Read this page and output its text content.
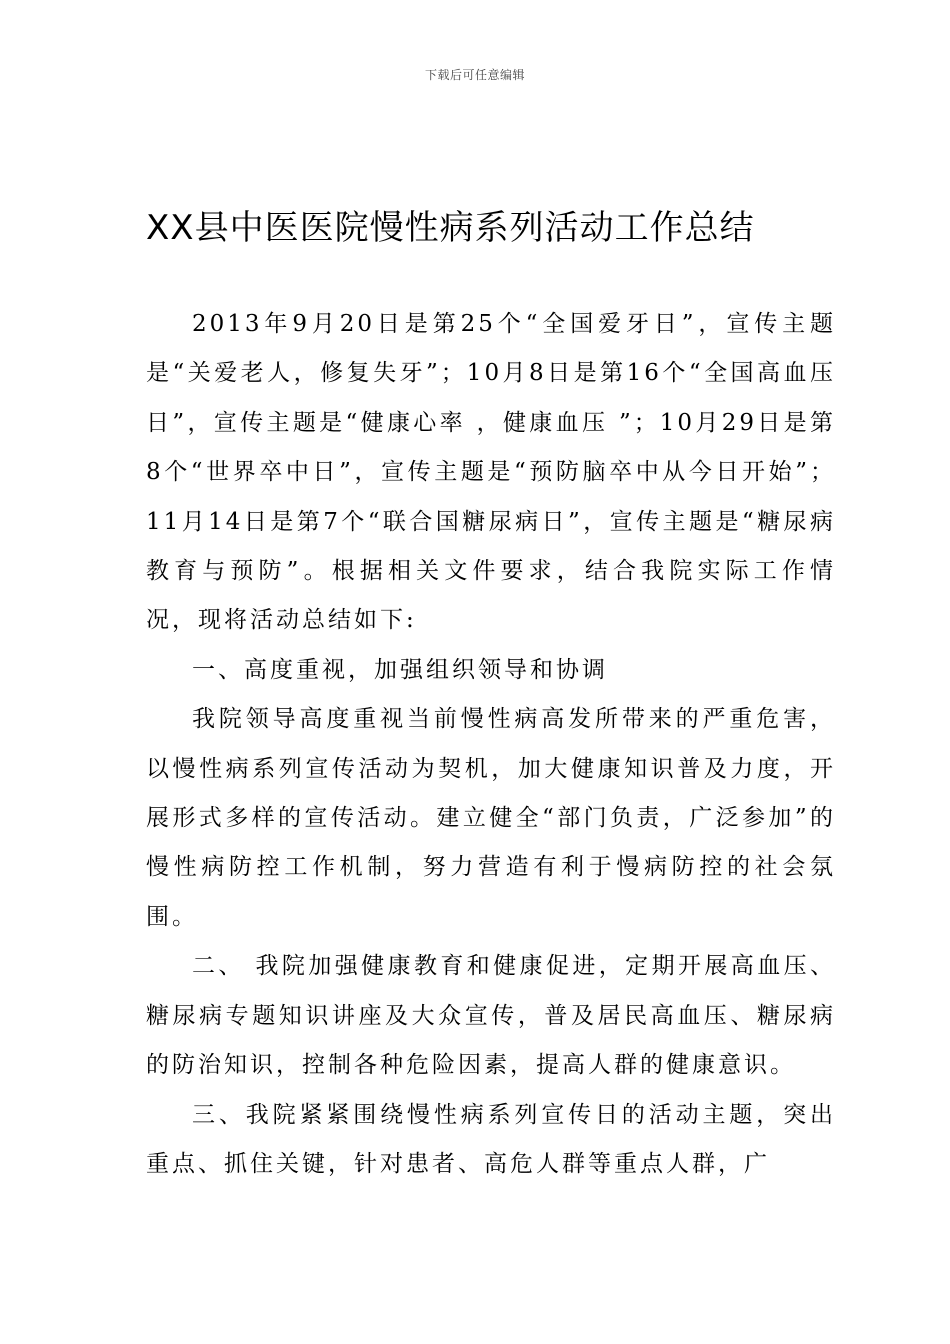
下载后可任意编辑
XX县中医医院慢性病系列活动工作总结

2013年9月20日是第25个“全国爱牙日”，宣传主题是“关爱老人，修复失牙”；10月8日是第16个“全国高血压日”，宣传主题是“健康心率 ，健康血压 ”；10月29日是第8个“世界卒中日”，宣传主题是“预防脑卒中从今日开始”；11月14日是第7个“联合国糖尿病日”，宣传主题是“糖尿病教育与预防”。根据相关文件要求，结合我院实际工作情况，现将活动总结如下:

一、高度重视，加强组织领导和协调

我院领导高度重视当前慢性病高发所带来的严重危害，以慢性病系列宣传活动为契机，加大健康知识普及力度，开展形式多样的宣传活动。建立健全“部门负责，广泛参加”的慢性病防控工作机制，努力营造有利于慢病防控的社会氛围。

二、 我院加强健康教育和健康促进，定期开展高血压、糖尿病专题知识讲座及大众宣传，普及居民高血压、糖尿病的防治知识，控制各种危险因素，提高人群的健康意识。

三、我院紧紧围绕慢性病系列宣传日的活动主题，突出重点、抓住关键，针对患者、高危人群等重点人群，广
